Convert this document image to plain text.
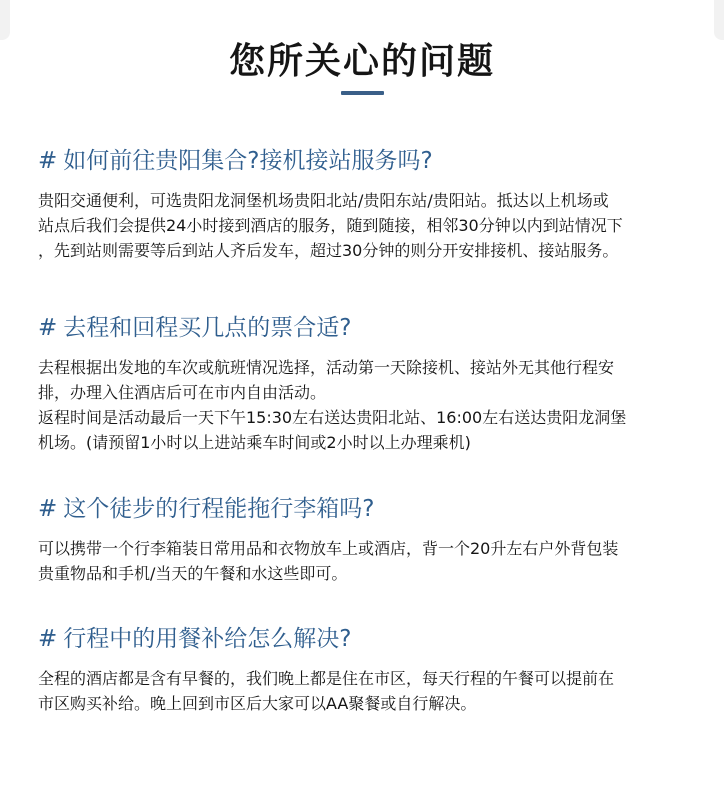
您所关心的问题
# 如何前往贵阳集合?接机接站服务吗?

贵阳交通便利，可选贵阳龙洞堡机场贵阳北站/贵阳东站/贵阳站。抵达以上机场或
站点后我们会提供24小时接到酒店的服务，随到随接，相邻30分钟以内到站情况下
，先到站则需要等后到站人齐后发车，超过30分钟的则分开安排接机、接站服务。

# 去程和回程买几点的票合适?

去程根据出发地的车次或航班情况选择，活动第一天除接机、接站外无其他行程安
排，办理入住酒店后可在市内自由活动。
返程时间是活动最后一天下午15:30左右送达贵阳北站、16:00左右送达贵阳龙洞堡
机场。(请预留1小时以上进站乘车时间或2小时以上办理乘机)

# 这个徒步的行程能拖行李箱吗?

可以携带一个行李箱装日常用品和衣物放车上或酒店，背一个20升左右户外背包装
贵重物品和手机/当天的午餐和水这些即可。

# 行程中的用餐补给怎么解决?

全程的酒店都是含有早餐的，我们晚上都是住在市区，每天行程的午餐可以提前在
市区购买补给。晚上回到市区后大家可以AA聚餐或自行解决。
